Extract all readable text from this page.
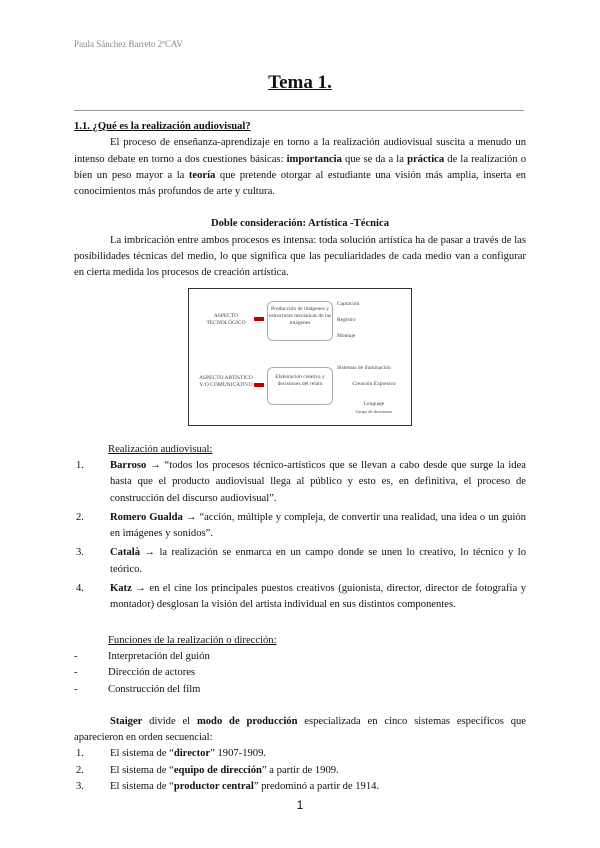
Paula Sánchez Barreto 2ºCAV
Tema 1.

1.1. ¿Qué es la realización audiovisual?

El proceso de enseñanza-aprendizaje en torno a la realización audiovisual suscita a menudo un intenso debate en torno a dos cuestiones básicas: importancia que se da a la práctica de la realización o bien un peso mayor a la teoría que pretende otorgar al estudiante una visión más amplia, inserta en conocimientos más profundos de arte y cultura.

Doble consideración: Artística -Técnica

La imbricación entre ambos procesos es intensa: toda solución artística ha de pasar a través de las posibilidades técnicas del medio, lo que significa que las peculiaridades de cada medio van a configurar en cierta medida los procesos de creación artística.

ASPECTO TECNOLÓGICO
Producción de imágenes y estructuras mecánicas de las imágenes
Captación
Registro
Montaje
ASPECTO ARTÍSTICO Y/O COMUNICATIVO
Elaboración creativa y decisiones del relato
Sistemas de iluminación
Creación Expresiva
Lenguaje
Grupo de decisiones

Realización audiovisual:

1.	Barroso → “todos los procesos técnico-artísticos que se llevan a cabo desde que surge la idea hasta que el producto audiovisual llega al público y esto es, en definitiva, el proceso de construcción del discurso audiovisual”.
2.	Romero Gualda → “acción, múltiple y compleja, de convertir una realidad, una idea o un guión en imágenes y sonidos”.
3.	Català → la realización se enmarca en un campo donde se unen lo creativo, lo técnico y lo teórico.
4.	Katz → en el cine los principales puestos creativos (guionista, director, director de fotografía y montador) desglosan la visión del artista individual en sus distintos componentes.

Funciones de la realización o dirección:

-	Interpretación del guión
-	Dirección de actores
-	Construcción del film

Staiger divide el modo de producción especializada en cinco sistemas específicos que aparecieron en orden secuencial:

1.	El sistema de “director” 1907-1909.
2.	El sistema de “equipo de dirección” a partir de 1909.
3.	El sistema de “productor central” predominó a partir de 1914.
1
